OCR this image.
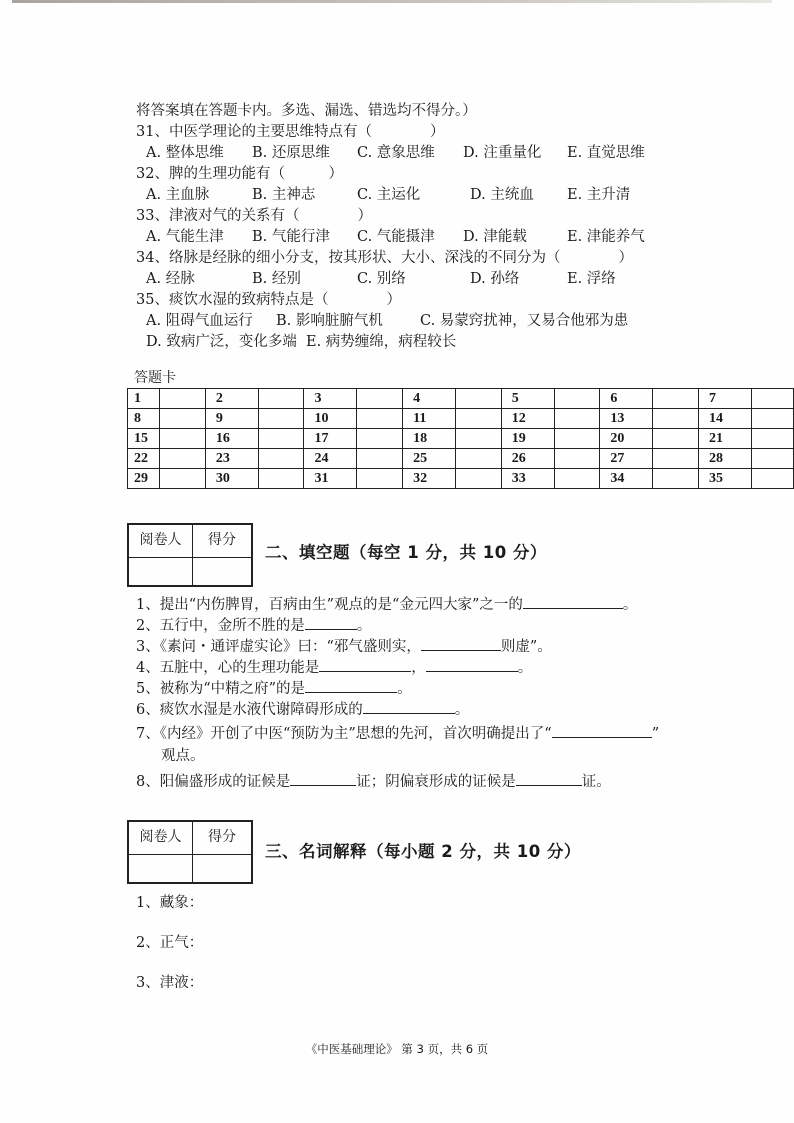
将答案填在答题卡内。多选、漏选、错选均不得分。）
31、中医学理论的主要思维特点有（　　　　）
A. 整体思维 B. 还原思维 C. 意象思维 D. 注重量化 E. 直觉思维
32、脾的生理功能有（　　　）
A. 主血脉	B. 主神志	C. 主运化	D. 主统血 E. 主升清
33、津液对气的关系有（　　　　）
A. 气能生津 B. 气能行津 C. 气能摄津 D. 津能载	E. 津能养气
34、络脉是经脉的细小分支，按其形状、大小、深浅的不同分为（　　　　）
A. 经脉	B. 经别	C. 别络	D. 孙络	E. 浮络
35、痰饮水湿的致病特点是（　　　　）
A. 阻碍气血运行 B. 影响脏腑气机	C. 易蒙窍扰神，又易合他邪为患
D. 致病广泛，变化多端 E. 病势缠绵，病程较长
答题卡
1		2		3		4		5		6		7	
8		9		10		11		12		13		14	
15		16		17		18		19		20		21	
22		23		24		25		26		27		28	
29		30		31		32		33		34		35	
阅卷人	得分
二、填空题（每空 1 分，共 10 分）
1、提出“内伤脾胃，百病由生”观点的是“金元四大家”之一的	。
2、五行中，金所不胜的是	。
3、《素问・通评虚实论》曰：“邪气盛则实，	则虚”。
4、五脏中，心的生理功能是	，	。
5、被称为“中精之府”的是	。
6、痰饮水湿是水液代谢障碍形成的	。
7、《内经》开创了中医“预防为主”思想的先河，首次明确提出了“	”
观点。
8、阳偏盛形成的证候是	证；阴偏衰形成的证候是	证。
阅卷人	得分
三、名词解释（每小题 2 分，共 10 分）
1、藏象：
2、正气：
3、津液：
《中医基础理论》 第 3 页，共 6 页
